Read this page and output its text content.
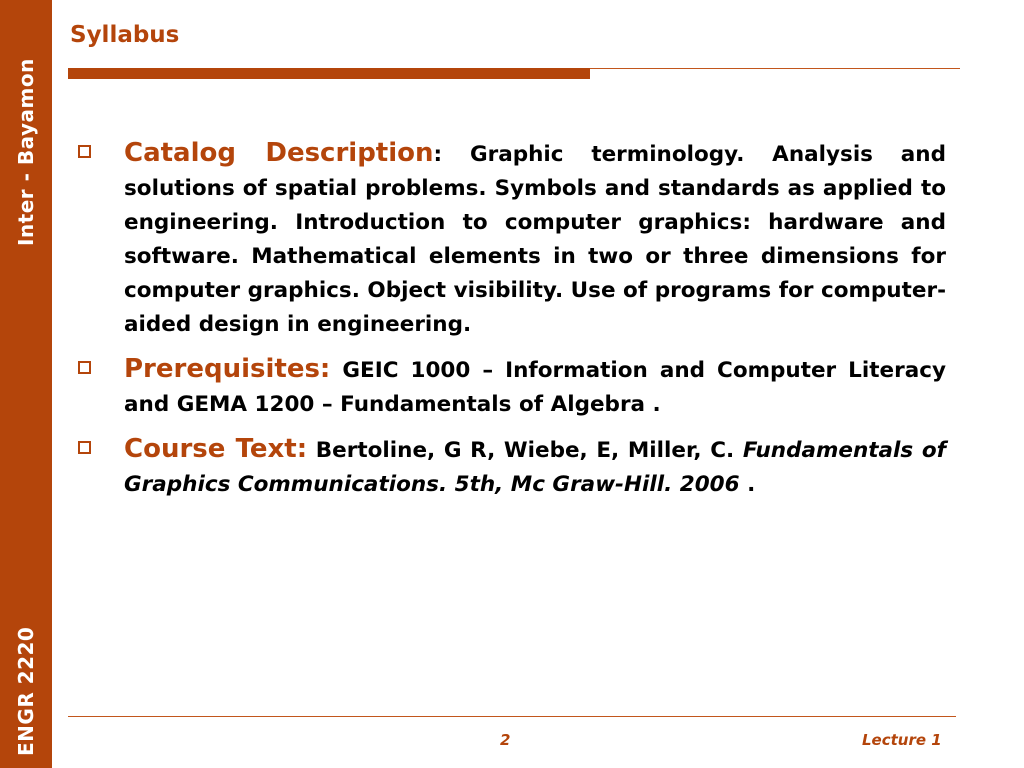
Inter - Bayamon
ENGR 2220
Syllabus
Catalog Description: Graphic terminology. Analysis and solutions of spatial problems. Symbols and standards as applied to engineering. Introduction to computer graphics: hardware and software. Mathematical elements in two or three dimensions for computer graphics. Object visibility. Use of programs for computer-aided design in engineering.
Prerequisites: GEIC 1000 – Information and Computer Literacy and GEMA 1200 – Fundamentals of Algebra .
Course Text: Bertoline, G R, Wiebe, E, Miller, C. Fundamentals of Graphics Communications. 5th, Mc Graw-Hill. 2006 .
2	Lecture 1
